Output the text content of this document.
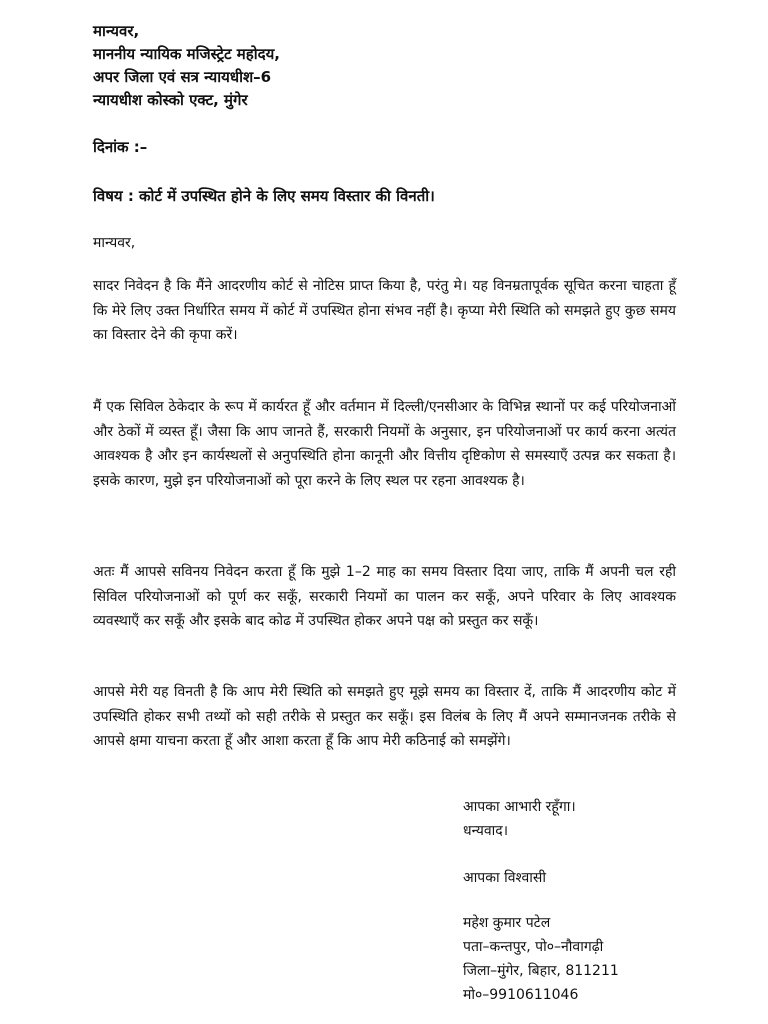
मान्यवर,
माननीय न्यायिक मजिस्ट्रेट महोदय,
अपर जिला एवं सत्र न्यायधीश–6
न्यायधीश कोस्को एक्ट, मुंगेर
दिनांक :–
विषय : कोर्ट में उपस्थित होने के लिए समय विस्तार की विनती।
मान्यवर,
सादर निवेदन है कि मैंने आदरणीय कोर्ट से नोटिस प्राप्त किया है, परंतु मे। यह विनम्रतापूर्वक सूचित करना चाहता हूँ कि मेरे लिए उक्त निर्धारित समय में कोर्ट में उपस्थित होना संभव नहीं है। कृप्या मेरी स्थिति को समझते हुए कुछ समय का विस्तार देने की कृपा करें।
मैं एक सिविल ठेकेदार के रूप में कार्यरत हूँ और वर्तमान में दिल्ली/एनसीआर के विभिन्न स्थानों पर कई परियोजनाओं और ठेकों में व्यस्त हूँ। जैसा कि आप जानते हैं, सरकारी नियमों के अनुसार, इन परियोजनाओं पर कार्य करना अत्यंत आवश्यक है और इन कार्यस्थलों से अनुपस्थिति होना कानूनी और वित्तीय दृष्टिकोण से समस्याएँ उत्पन्न कर सकता है। इसके कारण, मुझे इन परियोजनाओं को पूरा करने के लिए स्थल पर रहना आवश्यक है।
अतः मैं आपसे सविनय निवेदन करता हूँ कि मुझे 1–2 माह का समय विस्तार दिया जाए, ताकि मैं अपनी चल रही सिविल परियोजनाओं को पूर्ण कर सकूँ, सरकारी नियमों का पालन कर सकूँ, अपने परिवार के लिए आवश्यक व्यवस्थाएँ कर सकूँ और इसके बाद कोढ में उपस्थित होकर अपने पक्ष को प्रस्तुत कर सकूँ।
आपसे मेरी यह विनती है कि आप मेरी स्थिति को समझते हुए मूझे समय का विस्तार दें, ताकि मैं आदरणीय कोट में उपस्थिति होकर सभी तथ्यों को सही तरीके से प्रस्तुत कर सकूँ। इस विलंब के लिए मैं अपने सम्मानजनक तरीके से आपसे क्षमा याचना करता हूँ और आशा करता हूँ कि आप मेरी कठिनाई को समझेंगे।
आपका आभारी रहूँगा।
धन्यवाद।
आपका विश्वासी
महेश कुमार पटेल
पता–कन्तपुर, पो०–नौवागढ़ी
जिला–मुंगेर, बिहार, 811211
मो०–9910611046
